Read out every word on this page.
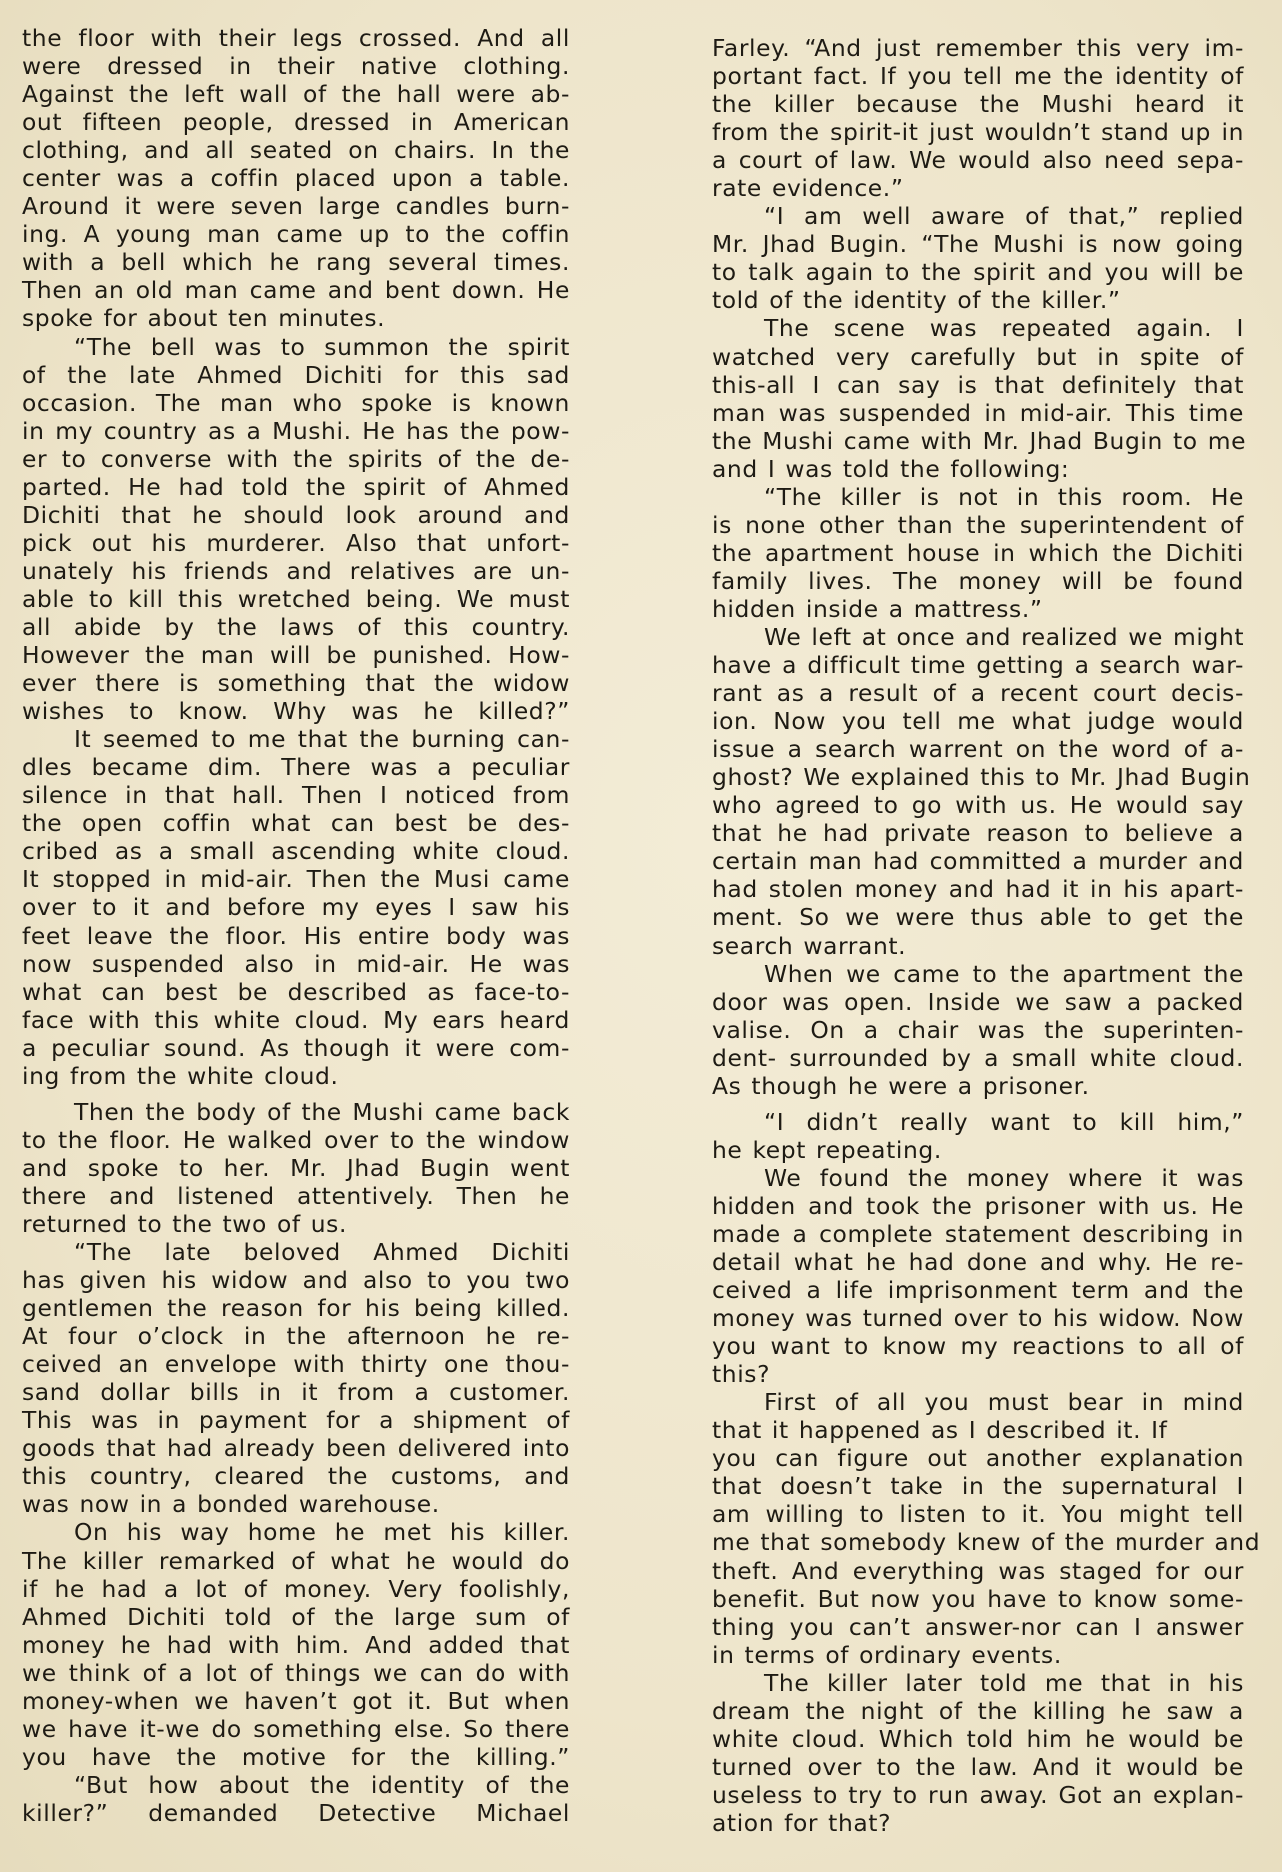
the floor with their legs crossed. And all
were dressed in their native clothing.
Against the left wall of the hall were ab-
out fifteen people, dressed in American
clothing, and all seated on chairs. In the
center was a coffin placed upon a table.
Around it were seven large candles burn-
ing. A young man came up to the coffin
with a bell which he rang several times.
Then an old man came and bent down. He
spoke for about ten minutes.
“The bell was to summon the spirit
of the late Ahmed Dichiti for this sad
occasion. The man who spoke is known
in my country as a Mushi. He has the pow-
er to converse with the spirits of the de-
parted. He had told the spirit of Ahmed
Dichiti that he should look around and
pick out his murderer. Also that unfort-
unately his friends and relatives are un-
able to kill this wretched being. We must
all abide by the laws of this country.
However the man will be punished. How-
ever there is something that the widow
wishes to know. Why was he killed?”
It seemed to me that the burning can-
dles became dim. There was a peculiar
silence in that hall. Then I noticed from
the open coffin what can best be des-
cribed as a small ascending white cloud.
It stopped in mid-air. Then the Musi came
over to it and before my eyes I saw his
feet leave the floor. His entire body was
now suspended also in mid-air. He was
what can best be described as face-to-
face with this white cloud. My ears heard
a peculiar sound. As though it were com-
ing from the white cloud.
Then the body of the Mushi came back
to the floor. He walked over to the window
and spoke to her. Mr. Jhad Bugin went
there and listened attentively. Then he
returned to the two of us.
“The late beloved Ahmed Dichiti
has given his widow and also to you two
gentlemen the reason for his being killed.
At four o’clock in the afternoon he re-
ceived an envelope with thirty one thou-
sand dollar bills in it from a customer.
This was in payment for a shipment of
goods that had already been delivered into
this country, cleared the customs, and
was now in a bonded warehouse.
On his way home he met his killer.
The killer remarked of what he would do
if he had a lot of money. Very foolishly,
Ahmed Dichiti told of the large sum of
money he had with him. And added that
we think of a lot of things we can do with
money-when we haven’t got it. But when
we have it-we do something else. So there
you have the motive for the killing.”
“But how about the identity of the
killer?” demanded Detective Michael
Farley. “And just remember this very im-
portant fact. If you tell me the identity of
the killer because the Mushi heard it
from the spirit-it just wouldn’t stand up in
a court of law. We would also need sepa-
rate evidence.”
“I am well aware of that,” replied
Mr. Jhad Bugin. “The Mushi is now going
to talk again to the spirit and you will be
told of the identity of the killer.”
The scene was repeated again. I
watched very carefully but in spite of
this-all I can say is that definitely that
man was suspended in mid-air. This time
the Mushi came with Mr. Jhad Bugin to me
and I was told the following:
“The killer is not in this room. He
is none other than the superintendent of
the apartment house in which the Dichiti
family lives. The money will be found
hidden inside a mattress.”
We left at once and realized we might
have a difficult time getting a search war-
rant as a result of a recent court decis-
ion. Now you tell me what judge would
issue a search warrent on the word of a-
ghost? We explained this to Mr. Jhad Bugin
who agreed to go with us. He would say
that he had private reason to believe a
certain man had committed a murder and
had stolen money and had it in his apart-
ment. So we were thus able to get the
search warrant.
When we came to the apartment the
door was open. Inside we saw a packed
valise. On a chair was the superinten-
dent- surrounded by a small white cloud.
As though he were a prisoner.
“I didn’t really want to kill him,”
he kept repeating.
We found the money where it was
hidden and took the prisoner with us. He
made a complete statement describing in
detail what he had done and why. He re-
ceived a life imprisonment term and the
money was turned over to his widow. Now
you want to know my reactions to all of
this?
First of all you must bear in mind
that it happened as I described it. If
you can figure out another explanation
that doesn’t take in the supernatural I
am willing to listen to it. You might tell
me that somebody knew of the murder and
theft. And everything was staged for our
benefit. But now you have to know some-
thing you can’t answer-nor can I answer
in terms of ordinary events.
The killer later told me that in his
dream the night of the killing he saw a
white cloud. Which told him he would be
turned over to the law. And it would be
useless to try to run away. Got an explan-
ation for that?
